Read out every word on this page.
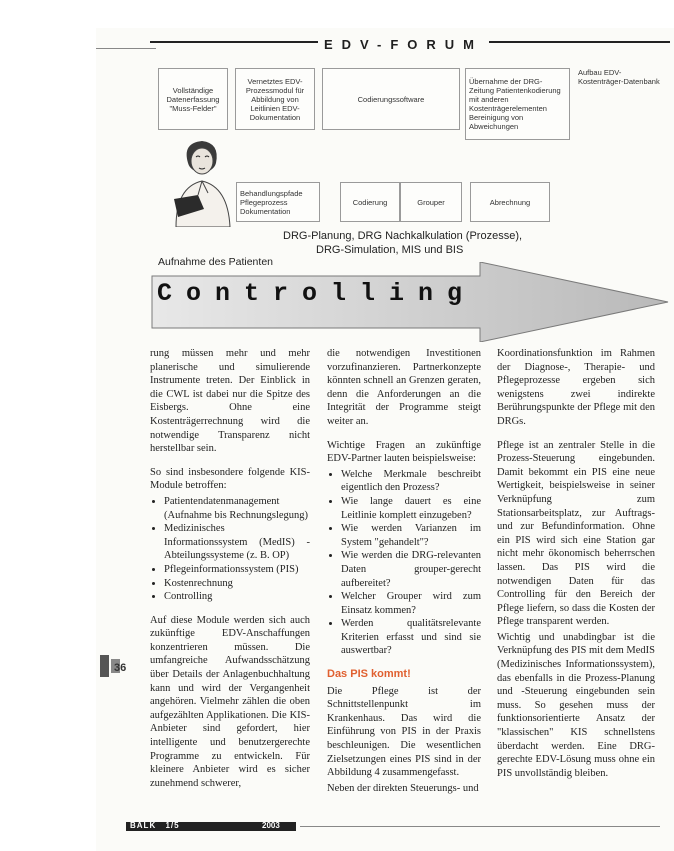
EDV-FORUM
Vollständige Datenerfassung "Muss-Felder"
Vernetztes EDV-Prozessmodul für Abbildung von Leitlinien EDV-Dokumentation
Codierungssoftware
Übernahme der DRG-Zeitung Patientenkodierung mit anderen Kostenträgerelementen Bereinigung von Abweichungen
Aufbau EDV-Kostenträger-Datenbank
Behandlungspfade Pflegeprozess Dokumentation
Codierung	Grouper	Abrechnung
DRG-Planung, DRG Nachkalkulation (Prozesse),
DRG-Simulation, MIS und BIS
Aufnahme des Patienten
Controlling

rung müssen mehr und mehr planerische und simulierende Instrumente treten. Der Einblick in die CWL ist dabei nur die Spitze des Eisbergs. Ohne eine Kostenträgerrechnung wird die notwendige Transparenz nicht herstellbar sein.

So sind insbesondere folgende KIS-Module betroffen:

• Patientendatenmanagement (Aufnahme bis Rechnungslegung)
• Medizinisches Informationssystem (MedIS) - Abteilungssysteme (z. B. OP)
• Pflegeinformationssystem (PIS)
• Kostenrechnung
• Controlling

Auf diese Module werden sich auch zukünftige EDV-Anschaffungen konzentrieren müssen. Die umfangreiche Aufwandsschätzung über Details der Anlagenbuchhaltung kann und wird der Vergangenheit angehören. Vielmehr zählen die oben aufgezählten Applikationen. Die KIS-Anbieter sind gefordert, hier intelligente und benutzergerechte Programme zu entwickeln. Für kleinere Anbieter wird es sicher zunehmend schwerer,

die notwendigen Investitionen vorzufinanzieren. Partnerkonzepte könnten schnell an Grenzen geraten, denn die Anforderungen an die Integrität der Programme steigt weiter an.

Wichtige Fragen an zukünftige EDV-Partner lauten beispielsweise:

• Welche Merkmale beschreibt eigentlich den Prozess?
• Wie lange dauert es eine Leitlinie komplett einzugeben?
• Wie werden Varianzen im System "gehandelt"?
• Wie werden die DRG-relevanten Daten grouper-gerecht aufbereitet?
• Welcher Grouper wird zum Einsatz kommen?
• Werden qualitätsrelevante Kriterien erfasst und sind sie auswertbar?
Das PIS kommt!

Die Pflege ist der Schnittstellenpunkt im Krankenhaus. Das wird die Einführung von PIS in der Praxis beschleunigen. Die wesentlichen Zielsetzungen eines PIS sind in der Abbildung 4 zusammengefasst.

Neben der direkten Steuerungs- und

Koordinationsfunktion im Rahmen der Diagnose-, Therapie- und Pflegeprozesse ergeben sich wenigstens zwei indirekte Berührungspunkte der Pflege mit den DRGs.

Pflege ist an zentraler Stelle in die Prozess-Steuerung eingebunden. Damit bekommt ein PIS eine neue Wertigkeit, beispielsweise in seiner Verknüpfung zum Stationsarbeitsplatz, zur Auftrags- und zur Befundinformation. Ohne ein PIS wird sich eine Station gar nicht mehr ökonomisch beherrschen lassen. Das PIS wird die notwendigen Daten für das Controlling für den Bereich der Pflege liefern, so dass die Kosten der Pflege transparent werden.

Wichtig und unabdingbar ist die Verknüpfung des PIS mit dem MedIS (Medizinisches Informationssystem), das ebenfalls in die Prozess-Planung und -Steuerung eingebunden sein muss. So gesehen muss der funktionsorientierte Ansatz der "klassischen" KIS schnellstens überdacht werden. Eine DRG-gerechte EDV-Lösung muss ohne ein PIS unvollständig bleiben.

36
BALK 1/5	2003
